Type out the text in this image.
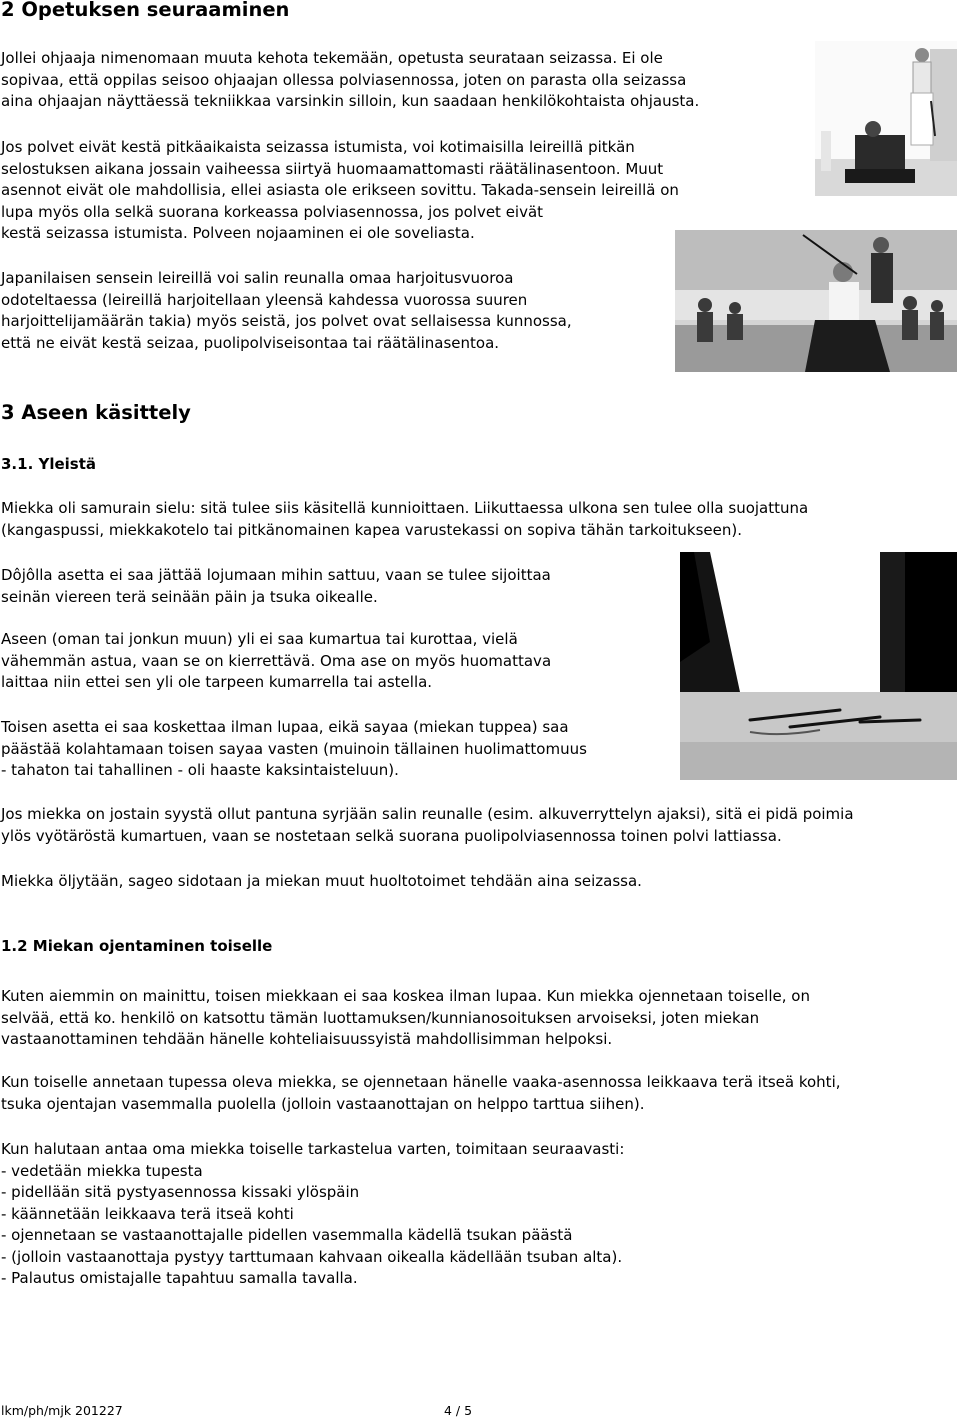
2 Opetuksen seuraaminen
Jollei ohjaaja nimenomaan muuta kehota tekemään, opetusta seurataan seizassa. Ei ole
sopivaa, että oppilas seisoo ohjaajan ollessa polviasennossa, joten on parasta olla seizassa
aina ohjaajan näyttäessä tekniikkaa varsinkin silloin, kun saadaan henkilökohtaista ohjausta.
Jos polvet eivät kestä pitkäaikaista seizassa istumista, voi kotimaisilla leireillä pitkän
selostuksen aikana jossain vaiheessa siirtyä huomaamattomasti räätälinasentoon. Muut
asennot eivät ole mahdollisia, ellei asiasta ole erikseen sovittu. Takada-sensein leireillä on
lupa myös olla selkä suorana korkeassa polviasennossa, jos polvet eivät
kestä seizassa istumista. Polveen nojaaminen ei ole soveliasta.
Japanilaisen sensein leireillä voi salin reunalla omaa harjoitusvuoroa
odoteltaessa (leireillä harjoitellaan yleensä kahdessa vuorossa suuren
harjoittelijamäärän takia) myös seistä, jos polvet ovat sellaisessa kunnossa,
että ne eivät kestä seizaa, puolipolviseisontaa tai räätälinasentoa.
3 Aseen käsittely
3.1. Yleistä
Miekka oli samurain sielu: sitä tulee siis käsitellä kunnioittaen. Liikuttaessa ulkona sen tulee olla suojattuna
(kangaspussi, miekkakotelo tai pitkänomainen kapea varustekassi on sopiva tähän tarkoitukseen).
Dôjôlla asetta ei saa jättää lojumaan mihin sattuu, vaan se tulee sijoittaa
seinän viereen terä seinään päin ja tsuka oikealle.
Aseen (oman tai jonkun muun) yli ei saa kumartua tai kurottaa, vielä
vähemmän astua, vaan se on kierrettävä. Oma ase on myös huomattava
laittaa niin ettei sen yli ole tarpeen kumarrella tai astella.
Toisen asetta ei saa koskettaa ilman lupaa, eikä sayaa (miekan tuppea) saa
päästää kolahtamaan toisen sayaa vasten (muinoin tällainen huolimattomuus
- tahaton tai tahallinen - oli haaste kaksintaisteluun).
Jos miekka on jostain syystä ollut pantuna syrjään salin reunalle (esim. alkuverryttelyn ajaksi), sitä ei pidä poimia
ylös vyötäröstä kumartuen, vaan se nostetaan selkä suorana puolipolviasennossa toinen polvi lattiassa.
Miekka öljytään, sageo sidotaan ja miekan muut huoltotoimet tehdään aina seizassa.
1.2 Miekan ojentaminen toiselle
Kuten aiemmin on mainittu, toisen miekkaan ei saa koskea ilman lupaa. Kun miekka ojennetaan toiselle, on
selvää, että ko. henkilö on katsottu tämän luottamuksen/kunnianosoituksen arvoiseksi, joten miekan
vastaanottaminen tehdään hänelle kohteliaisuussyistä mahdollisimman helpoksi.
Kun toiselle annetaan tupessa oleva miekka, se ojennetaan hänelle vaaka-asennossa leikkaava terä itseä kohti,
tsuka ojentajan vasemmalla puolella (jolloin vastaanottajan on helppo tarttua siihen).
Kun halutaan antaa oma miekka toiselle tarkastelua varten, toimitaan seuraavasti:
- vedetään miekka tupesta
- pidellään sitä pystyasennossa kissaki ylöspäin
- käännetään leikkaava terä itseä kohti
- ojennetaan se vastaanottajalle pidellen vasemmalla kädellä tsukan päästä
- (jolloin vastaanottaja pystyy tarttumaan kahvaan oikealla kädellään tsuban alta).
- Palautus omistajalle tapahtuu samalla tavalla.
lkm/ph/mjk 201227	4 / 5
